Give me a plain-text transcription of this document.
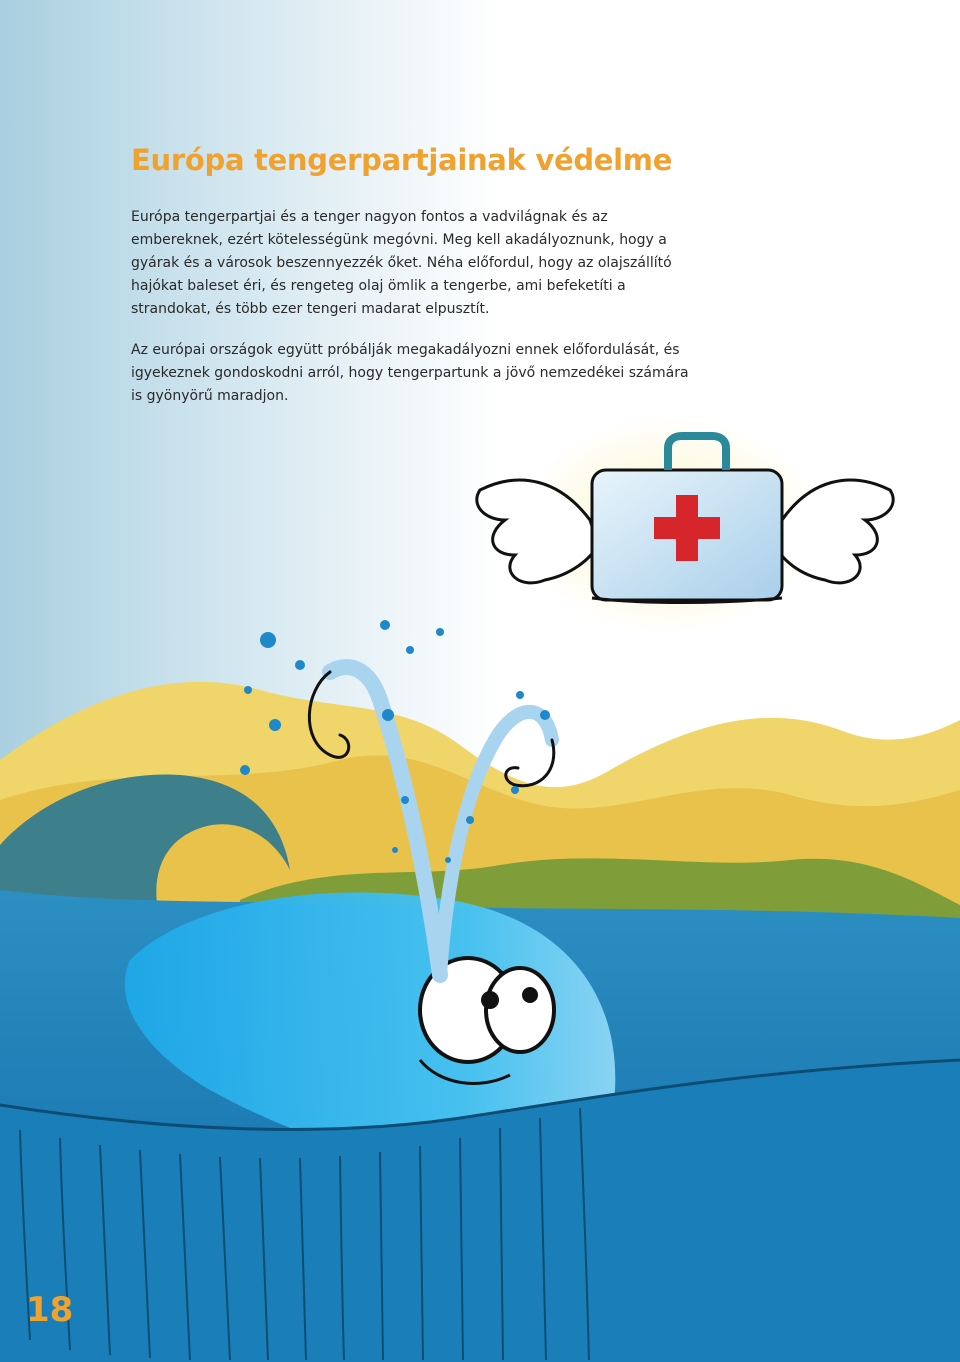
Európa tengerpartjainak védelme

Európa tengerpartjai és a tenger nagyon fontos a vadvilágnak és az embereknek, ezért kötelességünk megóvni. Meg kell akadályoznunk, hogy a gyárak és a városok beszennyezzék őket. Néha előfordul, hogy az olajszállító hajókat baleset éri, és rengeteg olaj ömlik a tengerbe, ami befeketíti a strandokat, és több ezer tengeri madarat elpusztít.

Az európai országok együtt próbálják megakadályozni ennek előfordulását, és igyekeznek gondoskodni arról, hogy tengerpartunk a jövő nemzedékei számára is gyönyörű maradjon.

18
